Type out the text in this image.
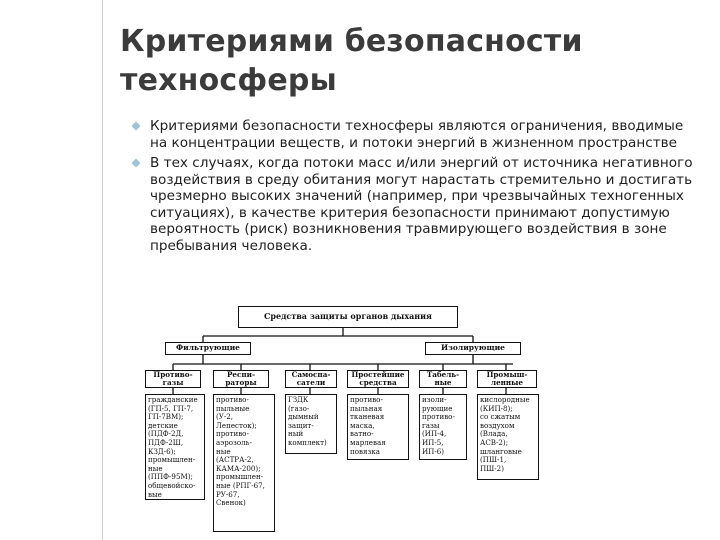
Критериями безопасности техносферы
Критериями безопасности техносферы являются ограничения, вводимые на концентрации веществ, и потоки энергий в жизненном пространстве
В тех случаях, когда потоки масс и/или энергий от источника негативного воздействия в среду обитания могут нарастать стремительно и достигать чрезмерно высоких значений (например, при чрезвычайных техногенных ситуациях), в качестве критерия безопасности принимают допустимую вероятность (риск) возникновения травмирующего воздействия в зоне пребывания человека.
Средства защиты органов дыхания
Фильтрующие	Изолирующие
Противо-
газы
Респи-
раторы
Самоспа-
сатели
Простейшие
средства
Табель-
ные
Промыш-
ленные
гражданские
(ГП-5, ГП-7,
ГП-7ВМ);
детские
(ПДФ-2Д,
ПДФ-2Ш,
КЗД-6);
промышлен-
ные
(ППФ-95М);
общевойско-
вые
противо-
пыльные
(У-2,
Лепесток);
противо-
аэрозоль-
ные
(АСТРА-2,
КАМА-200);
промышлен-
ные (РПГ-67,
РУ-67,
Свенок)
ГЗДК
(газо-
дымный
защит-
ный
комплект)
противо-
пыльная
тканевая
маска,
ватно-
марлевая
повязка
изоли-
рующие
противо-
газы
(ИП-4,
ИП-5,
ИП-6)
кислородные
(КИП-8);
со сжатым
воздухом
(Влада,
АСВ-2);
шланговые
(ПШ-1,
ПШ-2)
